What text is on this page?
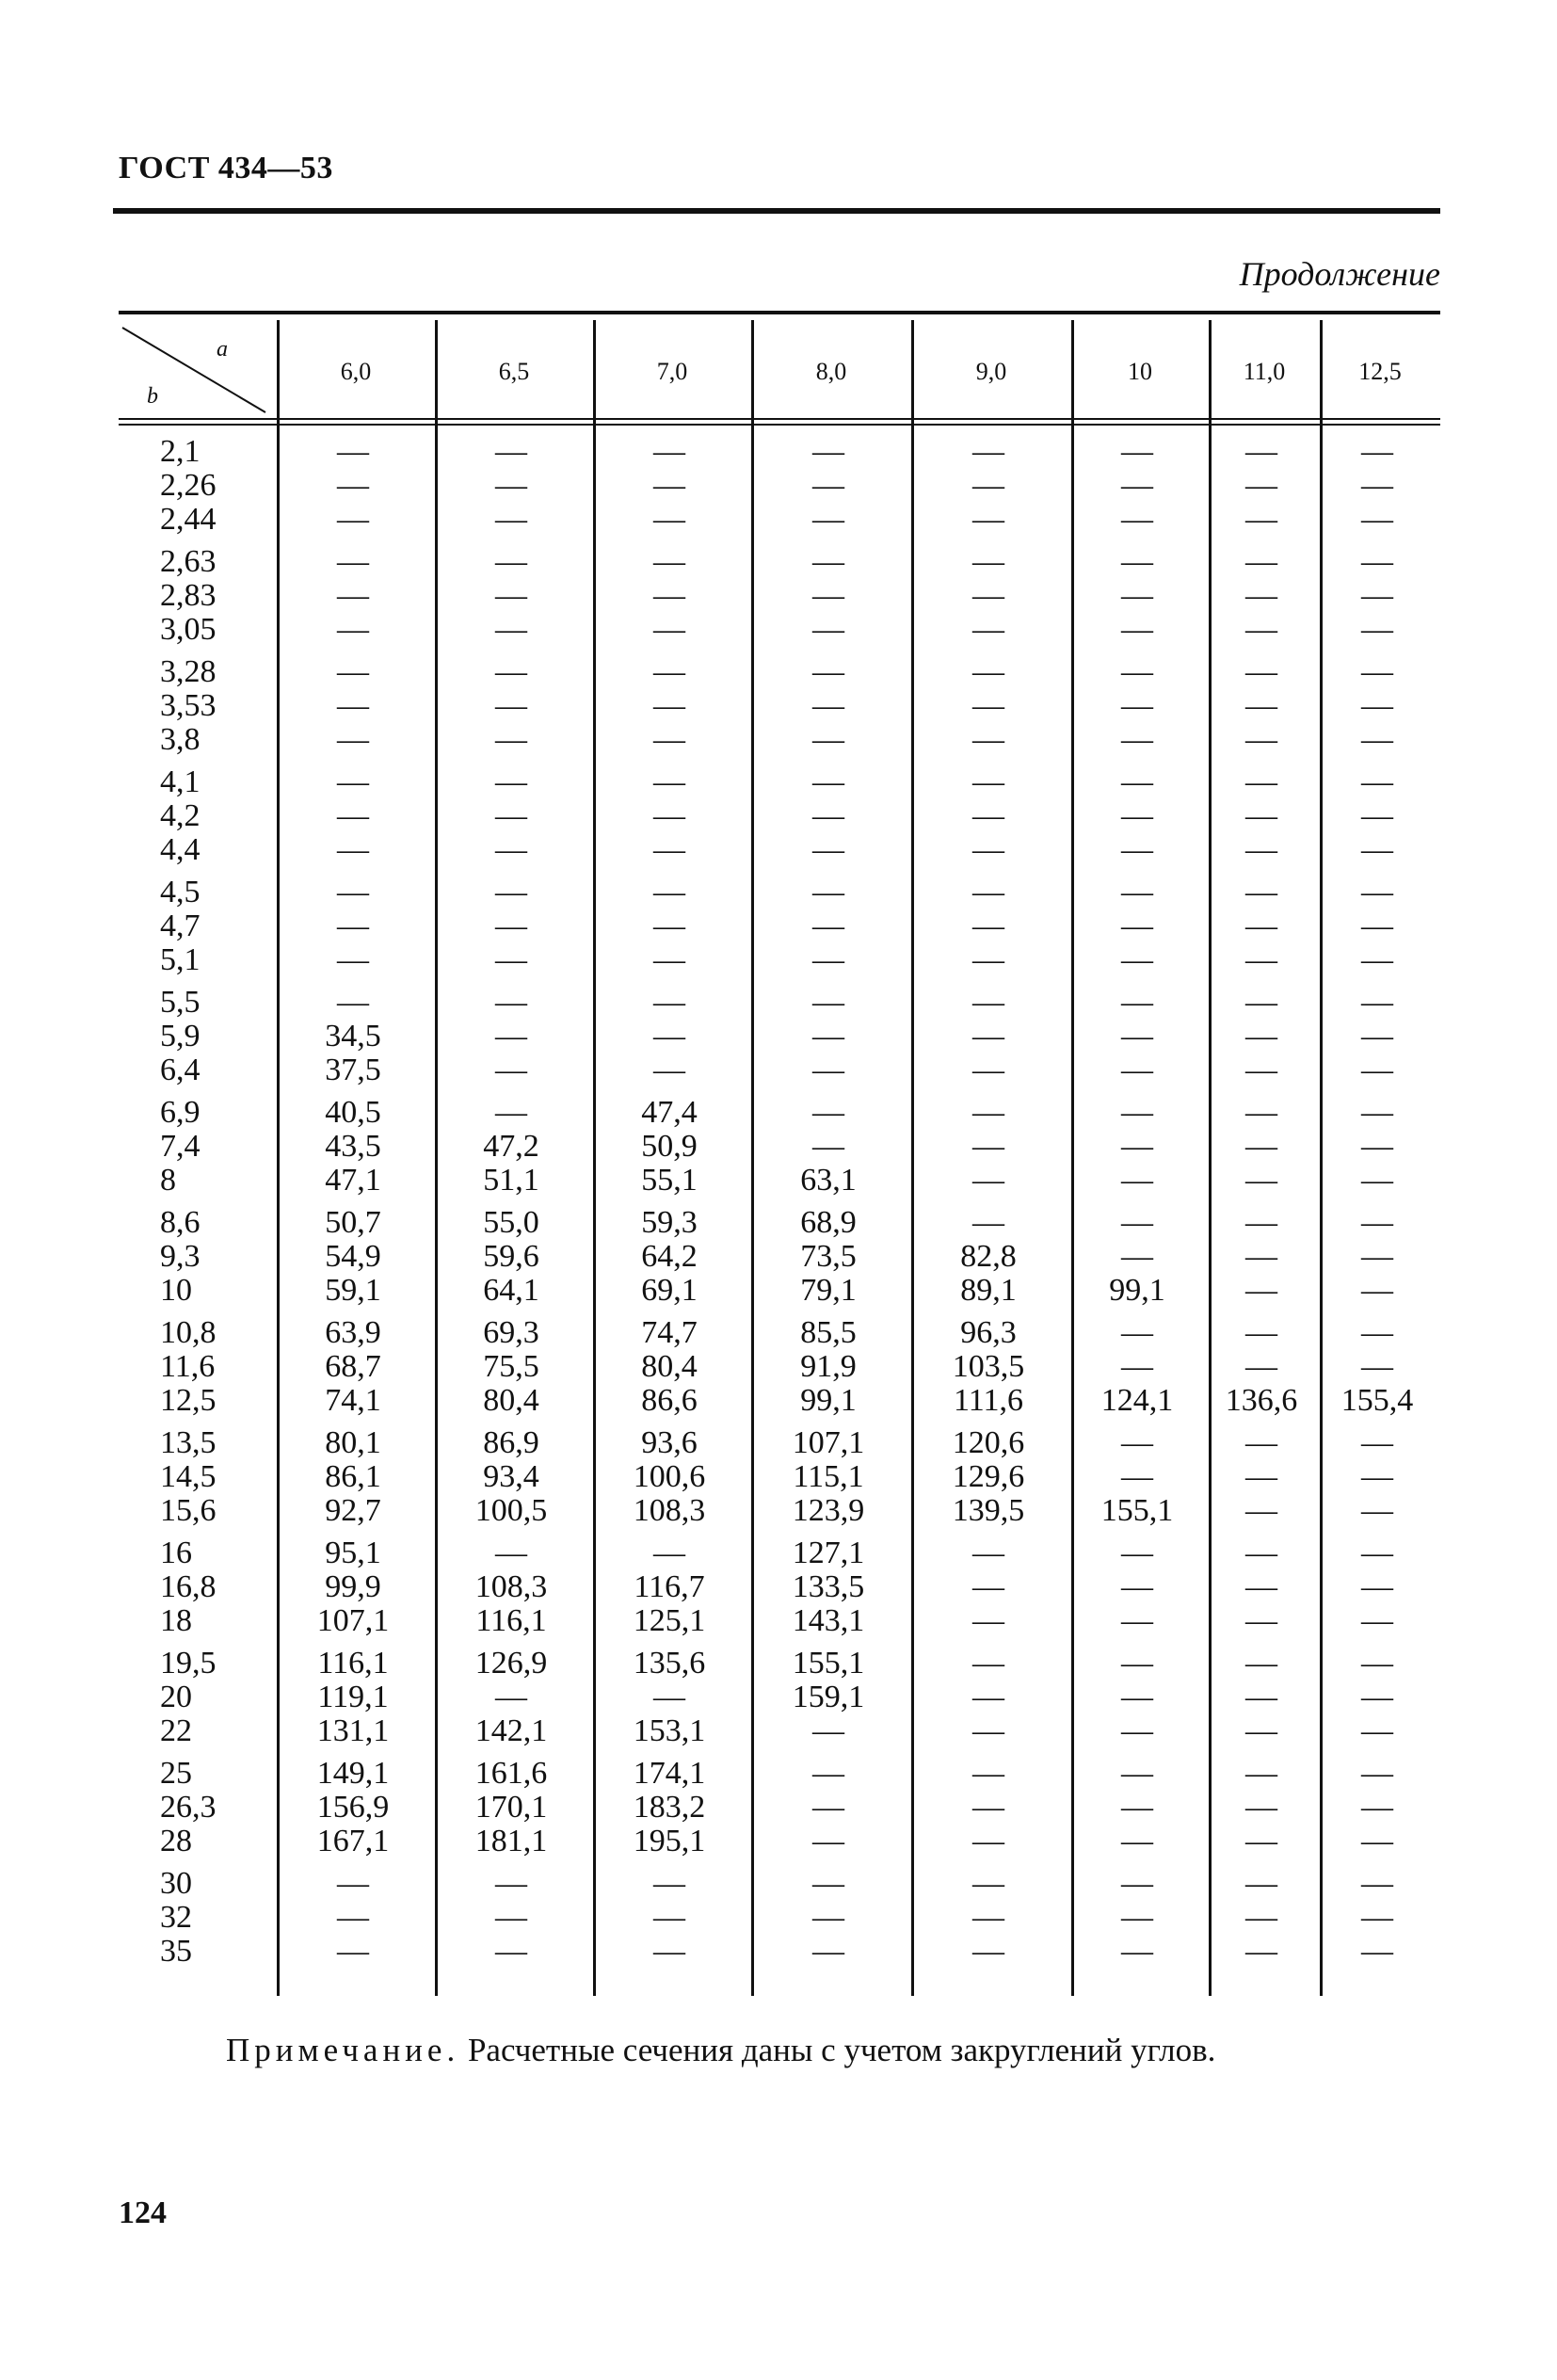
ГОСТ 434—53
Продолжение
a
b
6,0	6,5	7,0	8,0	9,0	10	11,0	12,5
2,1	—	—	—	—	—	—	—	—
2,26	—	—	—	—	—	—	—	—
2,44	—	—	—	—	—	—	—	—
2,63	—	—	—	—	—	—	—	—
2,83	—	—	—	—	—	—	—	—
3,05	—	—	—	—	—	—	—	—
3,28	—	—	—	—	—	—	—	—
3,53	—	—	—	—	—	—	—	—
3,8	—	—	—	—	—	—	—	—
4,1	—	—	—	—	—	—	—	—
4,2	—	—	—	—	—	—	—	—
4,4	—	—	—	—	—	—	—	—
4,5	—	—	—	—	—	—	—	—
4,7	—	—	—	—	—	—	—	—
5,1	—	—	—	—	—	—	—	—
5,5	—	—	—	—	—	—	—	—
5,9	34,5	—	—	—	—	—	—	—
6,4	37,5	—	—	—	—	—	—	—
6,9	40,5	—	47,4	—	—	—	—	—
7,4	43,5	47,2	50,9	—	—	—	—	—
8	47,1	51,1	55,1	63,1	—	—	—	—
8,6	50,7	55,0	59,3	68,9	—	—	—	—
9,3	54,9	59,6	64,2	73,5	82,8	—	—	—
10	59,1	64,1	69,1	79,1	89,1	99,1	—	—
10,8	63,9	69,3	74,7	85,5	96,3	—	—	—
11,6	68,7	75,5	80,4	91,9	103,5	—	—	—
12,5	74,1	80,4	86,6	99,1	111,6	124,1	136,6	155,4
13,5	80,1	86,9	93,6	107,1	120,6	—	—	—
14,5	86,1	93,4	100,6	115,1	129,6	—	—	—
15,6	92,7	100,5	108,3	123,9	139,5	155,1	—	—
16	95,1	—	—	127,1	—	—	—	—
16,8	99,9	108,3	116,7	133,5	—	—	—	—
18	107,1	116,1	125,1	143,1	—	—	—	—
19,5	116,1	126,9	135,6	155,1	—	—	—	—
20	119,1	—	—	159,1	—	—	—	—
22	131,1	142,1	153,1	—	—	—	—	—
25	149,1	161,6	174,1	—	—	—	—	—
26,3	156,9	170,1	183,2	—	—	—	—	—
28	167,1	181,1	195,1	—	—	—	—	—
30	—	—	—	—	—	—	—	—
32	—	—	—	—	—	—	—	—
35	—	—	—	—	—	—	—	—
Примечание. Расчетные сечения даны с учетом закруглений углов.
124
